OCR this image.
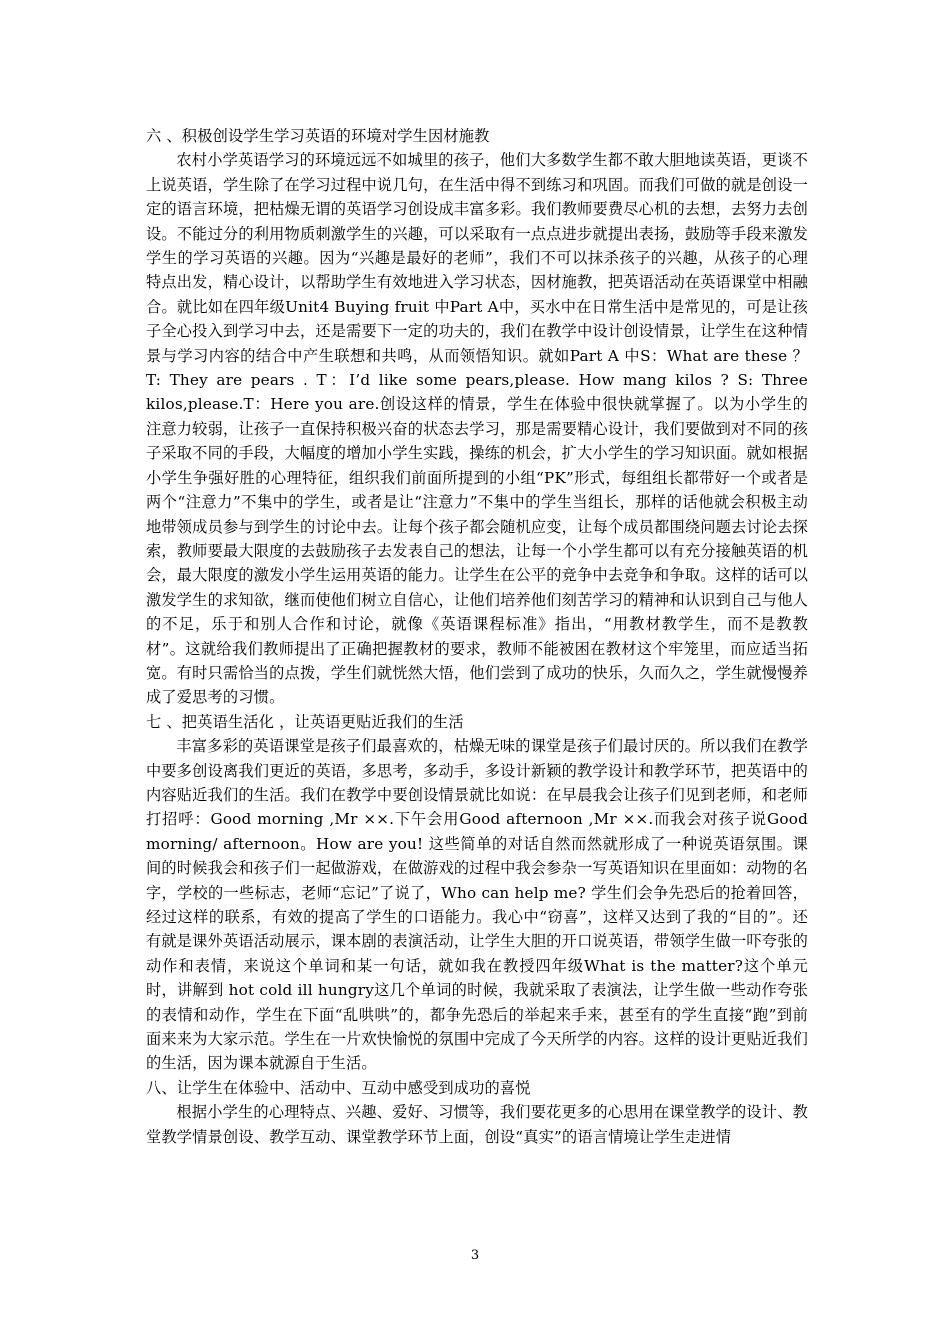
六 、积极创设学生学习英语的环境对学生因材施教

农村小学英语学习的环境远远不如城里的孩子，他们大多数学生都不敢大胆地读英语，更谈不上说英语，学生除了在学习过程中说几句，在生活中得不到练习和巩固。而我们可做的就是创设一定的语言环境，把枯燥无谓的英语学习创设成丰富多彩。我们教师要费尽心机的去想，去努力去创设。不能过分的利用物质刺激学生的兴趣，可以采取有一点点进步就提出表扬，鼓励等手段来激发学生的学习英语的兴趣。因为“兴趣是最好的老师”，我们不可以抹杀孩子的兴趣，从孩子的心理特点出发，精心设计，以帮助学生有效地进入学习状态，因材施教，把英语活动在英语课堂中相融合。就比如在四年级Unit4 Buying fruit 中Part A中，买水中在日常生活中是常见的，可是让孩子全心投入到学习中去，还是需要下一定的功夫的，我们在教学中设计创设情景，让学生在这种情景与学习内容的结合中产生联想和共鸣，从而领悟知识。就如Part A 中S：What are these ？ T: They are pears . T：I’d like some pears,please. How mang kilos ? S: Three kilos,please.T：Here you are.创设这样的情景，学生在体验中很快就掌握了。以为小学生的注意力较弱，让孩子一直保持积极兴奋的状态去学习，那是需要精心设计，我们要做到对不同的孩子采取不同的手段，大幅度的增加小学生实践，操练的机会，扩大小学生的学习知识面。就如根据小学生争强好胜的心理特征，组织我们前面所提到的小组“PK”形式，每组组长都带好一个或者是两个“注意力”不集中的学生，或者是让“注意力”不集中的学生当组长，那样的话他就会积极主动地带领成员参与到学生的讨论中去。让每个孩子都会随机应变，让每个成员都围绕问题去讨论去探索，教师要最大限度的去鼓励孩子去发表自己的想法，让每一个小学生都可以有充分接触英语的机会，最大限度的激发小学生运用英语的能力。让学生在公平的竞争中去竞争和争取。这样的话可以激发学生的求知欲，继而使他们树立自信心，让他们培养他们刻苦学习的精神和认识到自己与他人的不足，乐于和别人合作和讨论，就像《英语课程标准》指出，“用教材教学生，而不是教教材”。这就给我们教师提出了正确把握教材的要求，教师不能被困在教材这个牢笼里，而应适当拓宽。有时只需恰当的点拨，学生们就恍然大悟，他们尝到了成功的快乐，久而久之，学生就慢慢养成了爱思考的习惯。

七 、把英语生活化 ，让英语更贴近我们的生活

丰富多彩的英语课堂是孩子们最喜欢的，枯燥无味的课堂是孩子们最讨厌的。所以我们在教学中要多创设离我们更近的英语，多思考，多动手，多设计新颖的教学设计和教学环节，把英语中的内容贴近我们的生活。我们在教学中要创设情景就比如说：在早晨我会让孩子们见到老师，和老师打招呼：Good morning ,Mr ××.下午会用Good afternoon ,Mr ××.而我会对孩子说Good morning/ afternoon。How are you! 这些简单的对话自然而然就形成了一种说英语氛围。课间的时候我会和孩子们一起做游戏，在做游戏的过程中我会参杂一写英语知识在里面如：动物的名字，学校的一些标志，老师“忘记”了说了，Who can help me? 学生们会争先恐后的抢着回答，经过这样的联系，有效的提高了学生的口语能力。我心中“窃喜”，这样又达到了我的“目的”。还有就是课外英语活动展示，课本剧的表演活动，让学生大胆的开口说英语，带领学生做一吓夸张的动作和表情，来说这个单词和某一句话，就如我在教授四年级What is the matter?这个单元时，讲解到 hot cold ill hungry这几个单词的时候，我就采取了表演法，让学生做一些动作夸张的表情和动作，学生在下面“乱哄哄”的，都争先恐后的举起来手来，甚至有的学生直接“跑”到前面来来为大家示范。学生在一片欢快愉悦的氛围中完成了今天所学的内容。这样的设计更贴近我们的生活，因为课本就源自于生活。

八、让学生在体验中、活动中、互动中感受到成功的喜悦

根据小学生的心理特点、兴趣、爱好、习惯等，我们要花更多的心思用在课堂教学的设计、教堂教学情景创设、教学互动、课堂教学环节上面，创设“真实”的语言情境让学生走进情

3
